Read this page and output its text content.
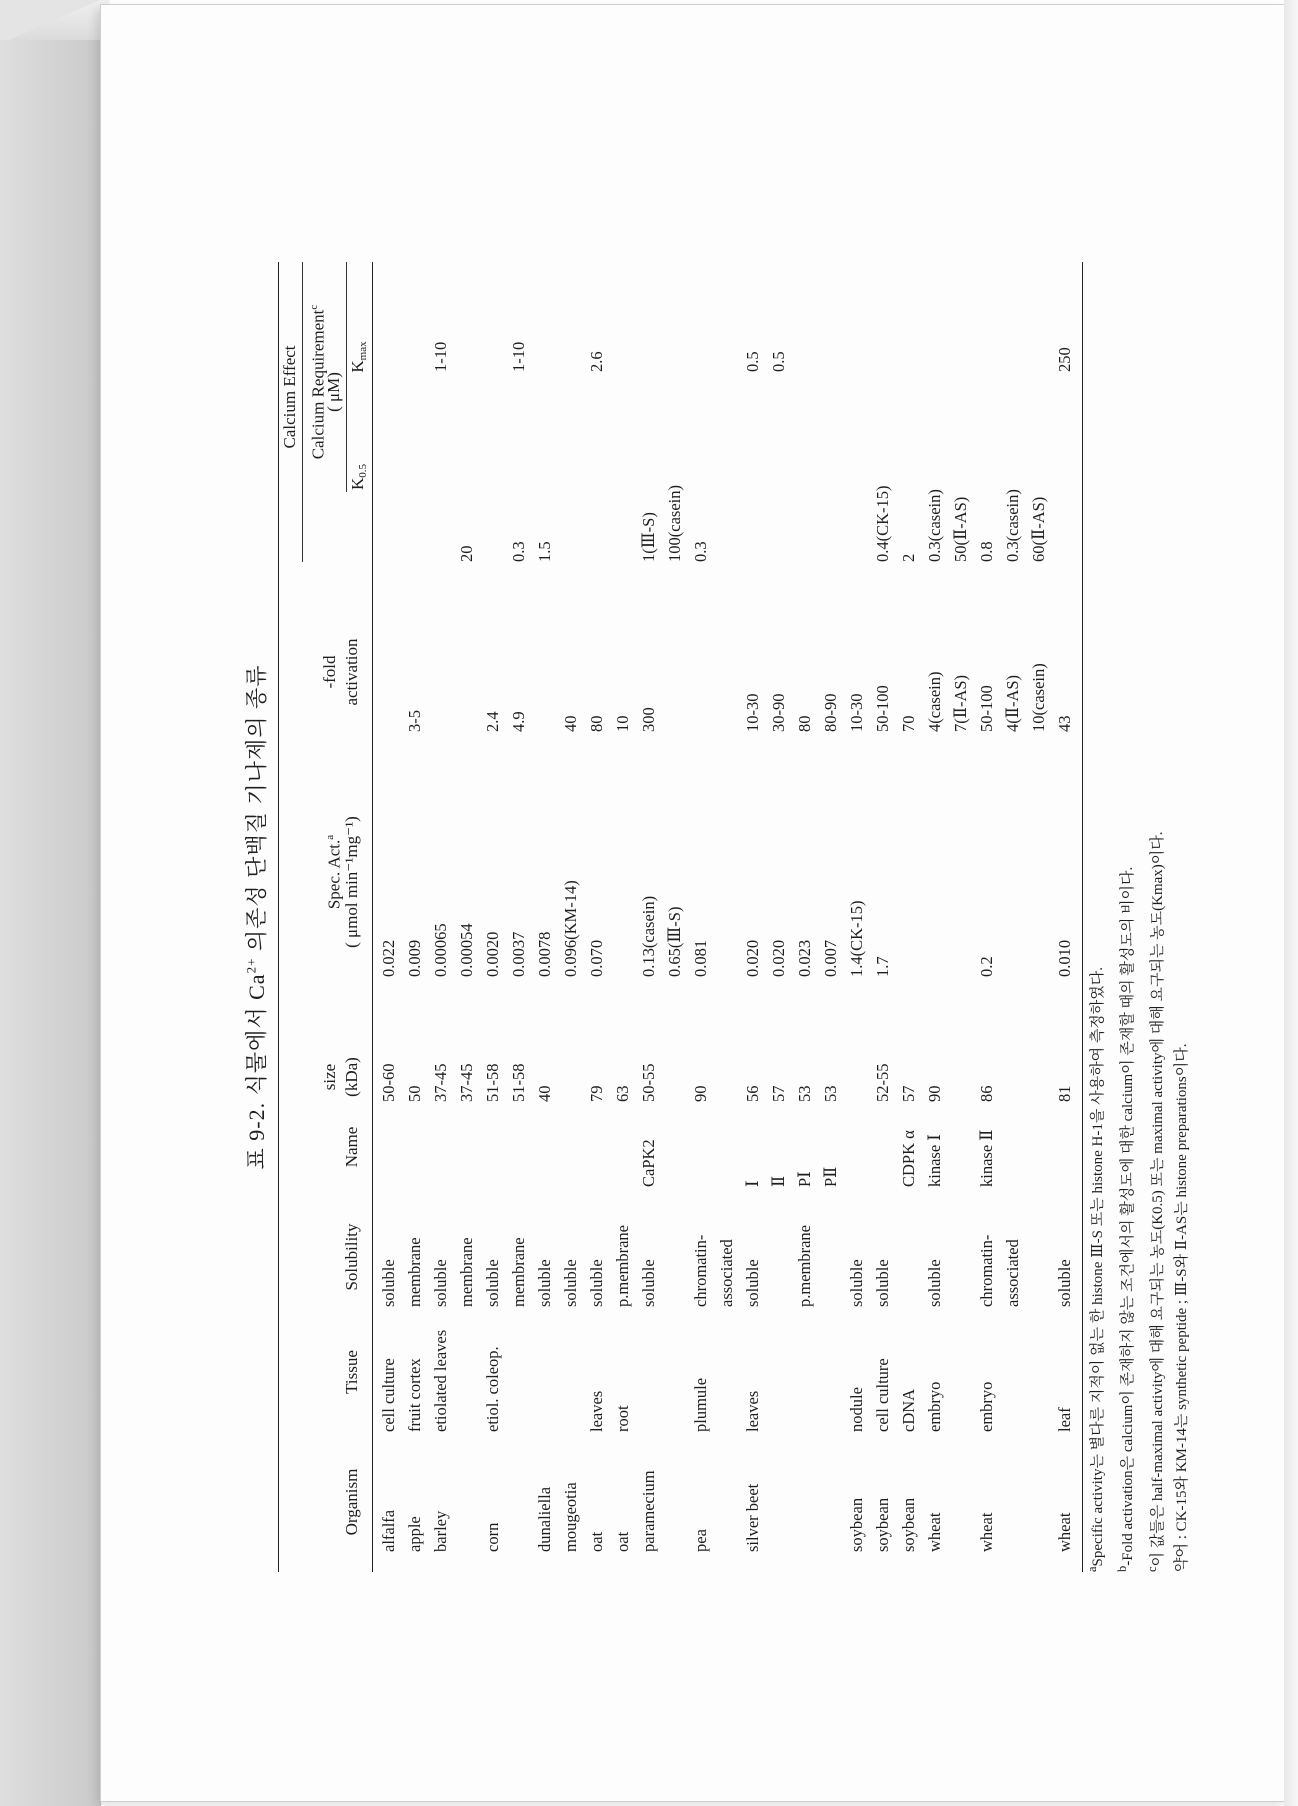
표 9-2. 식물에서 $Ca^{2+}$ 의존성 단백질 기나제의 종류
Calcium Effect Calcium Requirement$^c$
( μM)
size
Spec. Act.$^a$
-fold
Organism
Tissue
Solubility
Name
(kDa)
( μmol min⁻¹mg⁻¹)
activation
K0.5
Kmax
alfalfa
cell culture
soluble
50-60
0.022
apple
fruit cortex
membrane
50
0.009
3-5
barley
etiolated leaves
soluble
37-45
0.00065
1-10
membrane
37-45
0.00054
20
corn
etiol. coleop.
soluble
51-58
0.0020
2.4
membrane
51-58
0.0037
4.9
0.3
1-10
dunaliella
soluble
40
0.0078
1.5
mougeotia
soluble
0.096(KM-14)
40
oat
leaves
soluble
79
0.070
80
2.6
oat
root
p.membrane
63
10
paramecium
soluble
CaPK2
50-55
0.13(casein)
300
1(Ⅲ-S)
0.65(Ⅲ-S)
100(casein)
pea
plumule
chromatin-
90
0.081
0.3
associated
silver beet
leaves
soluble
Ⅰ
56
0.020
10-30
0.5
Ⅱ
57
0.020
30-90
0.5
p.membrane
PⅠ
53
0.023
80
PⅡ
53
0.007
80-90
soybean
nodule
soluble
1.4(CK-15)
10-30
soybean
cell culture
soluble
52-55
1.7
50-100
0.4(CK-15)
soybean
cDNA
CDPK α
57
70
2
wheat
embryo
soluble
kinase Ⅰ
90
4(casein)
0.3(casein)
7(Ⅱ-AS)
50(Ⅱ-AS)
wheat
embryo
chromatin-
kinase Ⅱ
86
0.2
50-100
0.8
associated
4(Ⅱ-AS)
0.3(casein)
10(casein)
60(Ⅱ-AS)
wheat
leaf
soluble
81
0.010
43
250
$^a$Specific activity는 별다른 지적이 없는 한 histone Ⅲ-S 또는 histone H-1을 사용하여 측정하였다.
$^b$-Fold activation은 calcium이 존재하지 않는 조건에서의 활성도에 대한 calcium이 존재할 때의 활성도의 비이다.
$^c$이 값들은 half-maximal activity에 대해 요구되는 농도(K0.5) 또는 maximal activity에 대해 요구되는 농도(Kmax)이다. 약어 : CK-15와 KM-14는 synthetic peptide ; Ⅲ-S와 Ⅱ-AS는 histone preparations이다.
